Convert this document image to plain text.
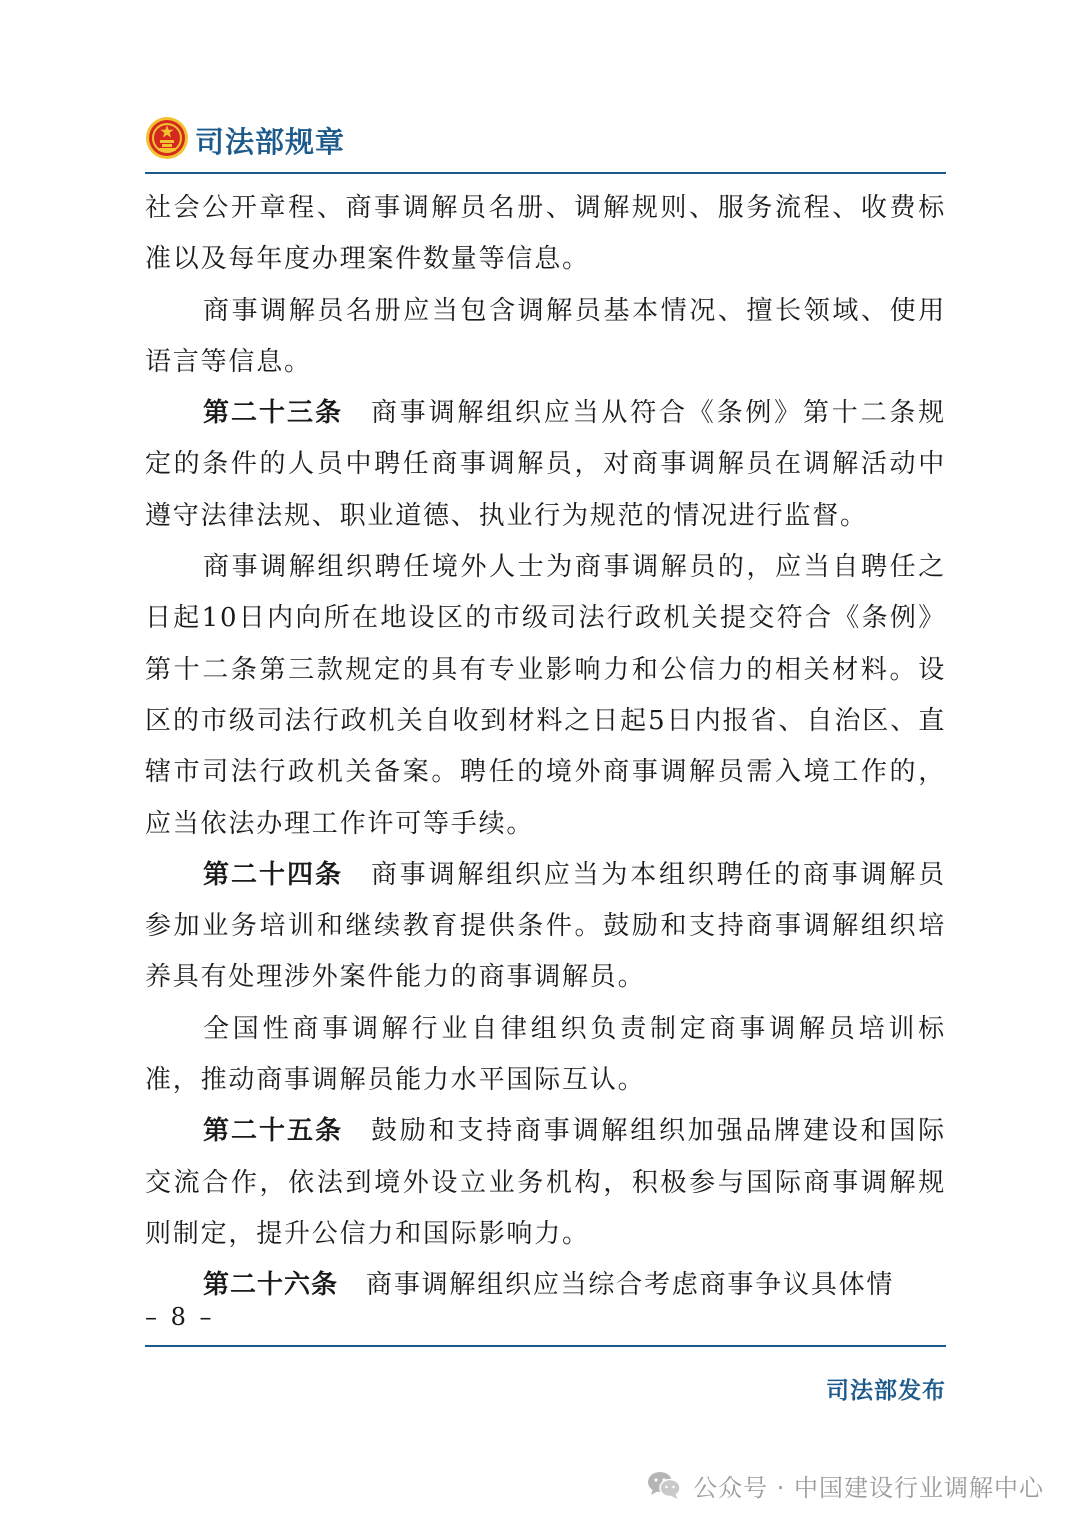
司法部规章

社会公开章程、商事调解员名册、调解规则、服务流程、收费标准以及每年度办理案件数量等信息。

商事调解员名册应当包含调解员基本情况、擅长领域、使用语言等信息。

第二十三条 商事调解组织应当从符合《条例》第十二条规定的条件的人员中聘任商事调解员，对商事调解员在调解活动中遵守法律法规、职业道德、执业行为规范的情况进行监督。

商事调解组织聘任境外人士为商事调解员的，应当自聘任之日起10日内向所在地设区的市级司法行政机关提交符合《条例》第十二条第三款规定的具有专业影响力和公信力的相关材料。设区的市级司法行政机关自收到材料之日起5日内报省、自治区、直辖市司法行政机关备案。聘任的境外商事调解员需入境工作的，应当依法办理工作许可等手续。

第二十四条 商事调解组织应当为本组织聘任的商事调解员参加业务培训和继续教育提供条件。鼓励和支持商事调解组织培养具有处理涉外案件能力的商事调解员。

全国性商事调解行业自律组织负责制定商事调解员培训标准，推动商事调解员能力水平国际互认。

第二十五条 鼓励和支持商事调解组织加强品牌建设和国际交流合作，依法到境外设立业务机构，积极参与国际商事调解规则制定，提升公信力和国际影响力。

第二十六条 商事调解组织应当综合考虑商事争议具体情

– 8 –
司法部发布
公众号 · 中国建设行业调解中心
